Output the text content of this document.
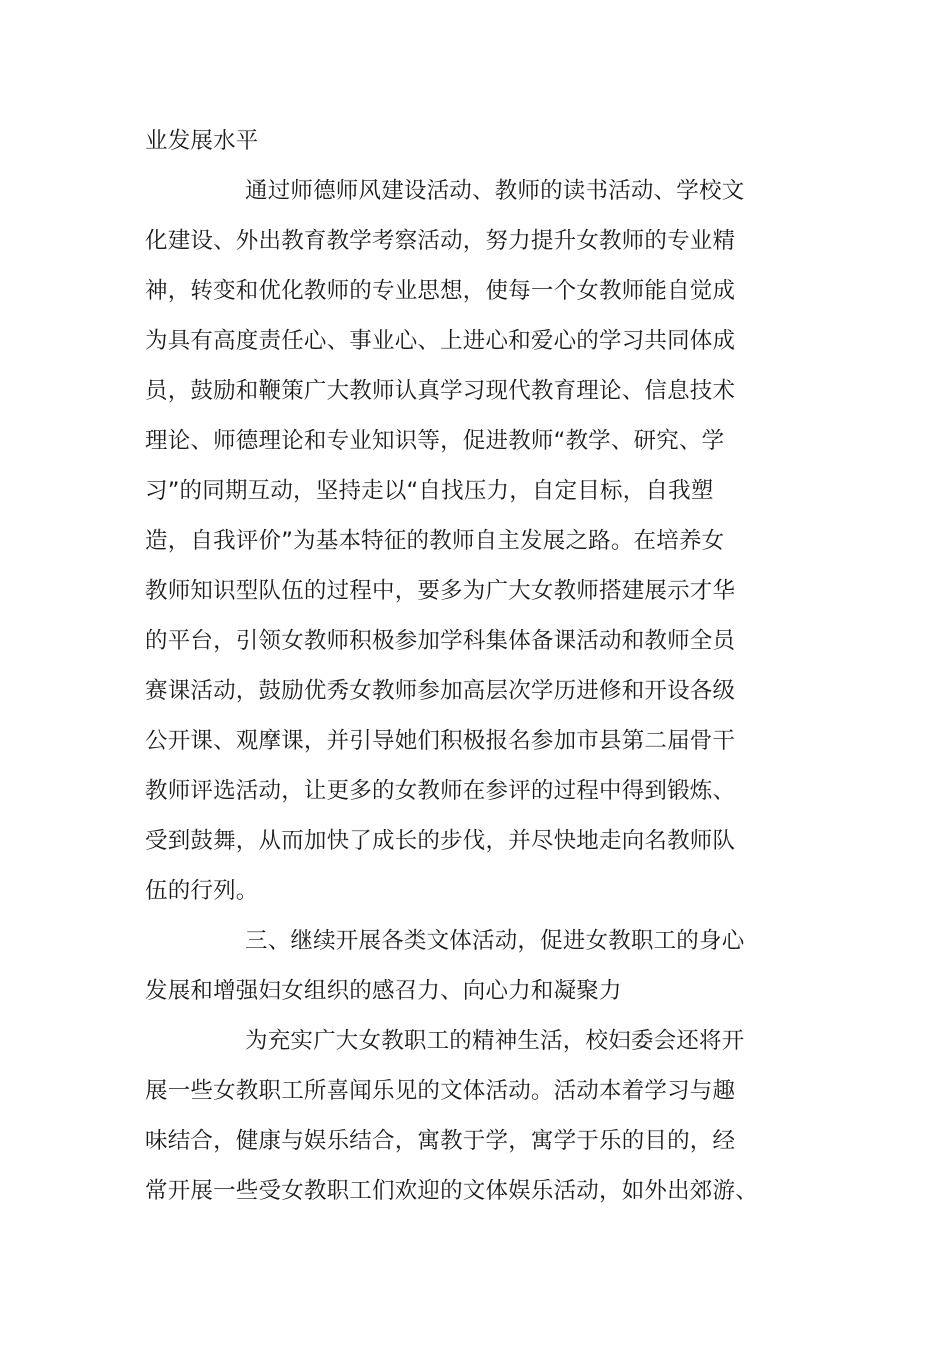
业发展水平
通过师德师风建设活动、教师的读书活动、学校文
化建设、外出教育教学考察活动，努力提升女教师的专业精
神，转变和优化教师的专业思想，使每一个女教师能自觉成
为具有高度责任心、事业心、上进心和爱心的学习共同体成
员，鼓励和鞭策广大教师认真学习现代教育理论、信息技术
理论、师德理论和专业知识等，促进教师“教学、研究、学
习”的同期互动，坚持走以“自找压力，自定目标，自我塑
造，自我评价”为基本特征的教师自主发展之路。在培养女
教师知识型队伍的过程中，要多为广大女教师搭建展示才华
的平台，引领女教师积极参加学科集体备课活动和教师全员
赛课活动，鼓励优秀女教师参加高层次学历进修和开设各级
公开课、观摩课，并引导她们积极报名参加市县第二届骨干
教师评选活动，让更多的女教师在参评的过程中得到锻炼、
受到鼓舞，从而加快了成长的步伐，并尽快地走向名教师队
伍的行列。
三、继续开展各类文体活动，促进女教职工的身心
发展和增强妇女组织的感召力、向心力和凝聚力
为充实广大女教职工的精神生活，校妇委会还将开
展一些女教职工所喜闻乐见的文体活动。活动本着学习与趣
味结合，健康与娱乐结合，寓教于学，寓学于乐的目的，经
常开展一些受女教职工们欢迎的文体娱乐活动，如外出郊游、
